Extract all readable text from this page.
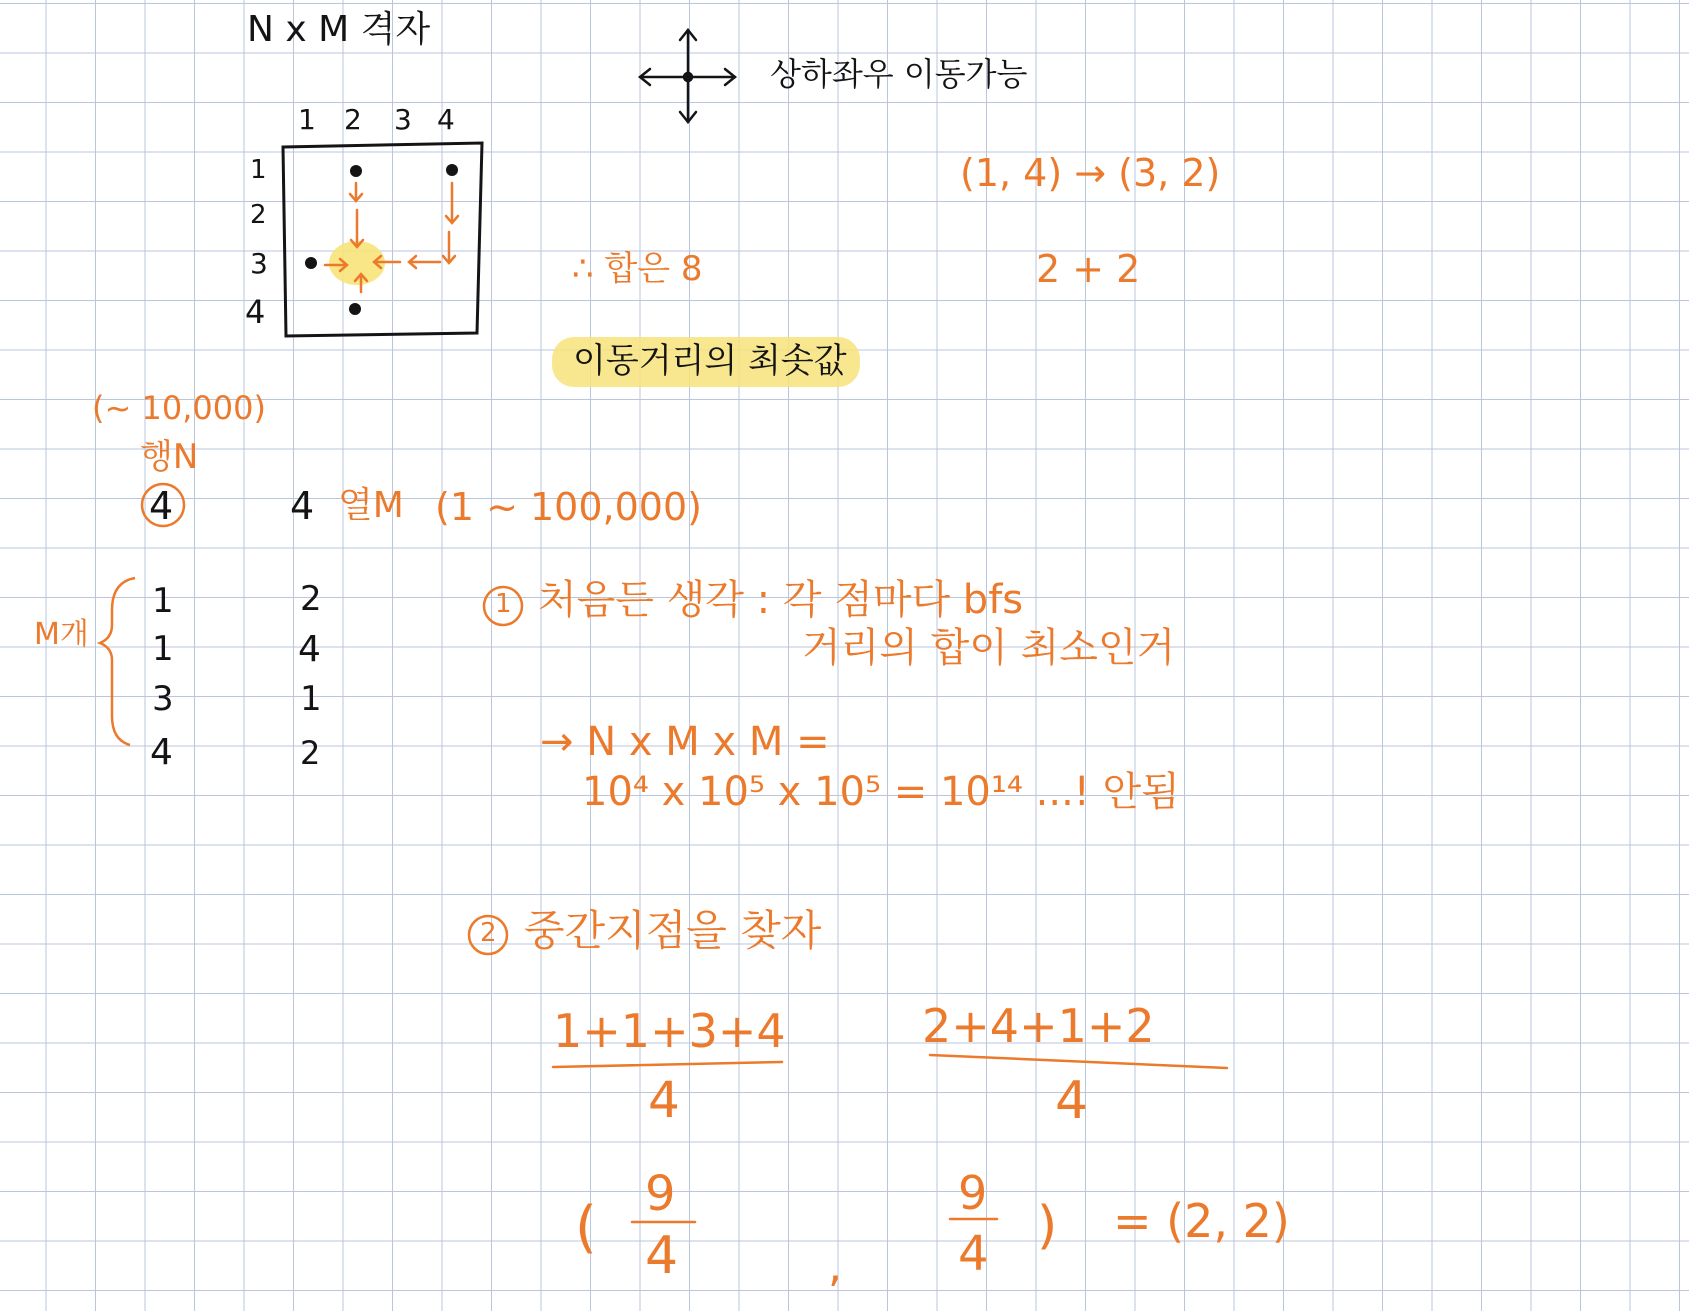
N x M 격자
상하좌우 이동가능
1 2 3 4
1
2
3
4
(1, 4) → (3, 2)
2 + 2
∴ 합은 8
이동거리의 최솟값
(~ 10,000)
행N
4	4 열M (1 ~ 100,000)
M개
1	2
1	4
3	1
4	2
1 처음든 생각 : 각 점마다 bfs
거리의 합이 최소인거
→ N x M x M =
10⁴ x 10⁵ x 10⁵ = 10¹⁴ ...! 안됨
2 중간지점을 찾자
1+1+3+4
4
2+4+1+2
4
(
9
4	,
9
4 ) = (2, 2)
